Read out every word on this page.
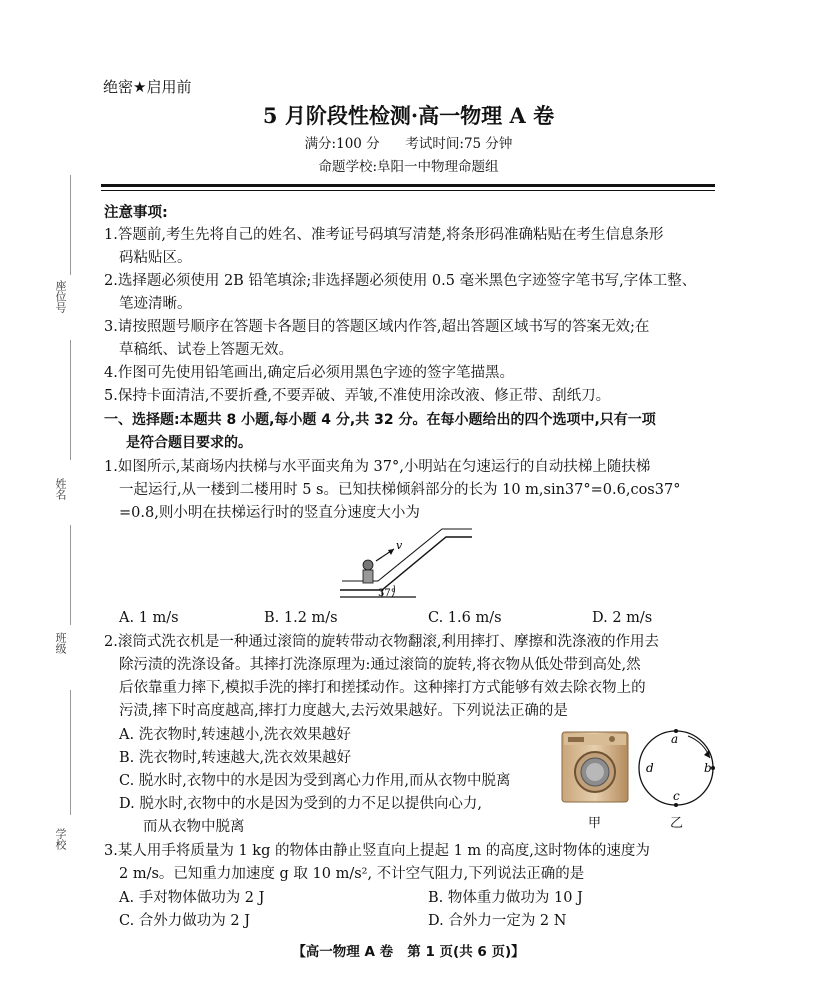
座位号
姓名
班级
学校
绝密★启用前
5 月阶段性检测·高一物理 A 卷
满分:100 分      考试时间:75 分钟
命题学校:阜阳一中物理命题组
注意事项:
1.答题前,考生先将自己的姓名、准考证号码填写清楚,将条形码准确粘贴在考生信息条形
码粘贴区。
2.选择题必须使用 2B 铅笔填涂;非选择题必须使用 0.5 毫米黑色字迹签字笔书写,字体工整、
笔迹清晰。
3.请按照题号顺序在答题卡各题目的答题区域内作答,超出答题区域书写的答案无效;在
草稿纸、试卷上答题无效。
4.作图可先使用铅笔画出,确定后必须用黑色字迹的签字笔描黑。
5.保持卡面清洁,不要折叠,不要弄破、弄皱,不准使用涂改液、修正带、刮纸刀。
一、选择题:本题共 8 小题,每小题 4 分,共 32 分。在每小题给出的四个选项中,只有一项
是符合题目要求的。
1.如图所示,某商场内扶梯与水平面夹角为 37°,小明站在匀速运行的自动扶梯上随扶梯
一起运行,从一楼到二楼用时 5 s。已知扶梯倾斜部分的长为 10 m,sin37°=0.6,cos37°
=0.8,则小明在扶梯运行时的竖直分速度大小为
v
37°
A. 1 m/s	B. 1.2 m/s	C. 1.6 m/s	D. 2 m/s
2.滚筒式洗衣机是一种通过滚筒的旋转带动衣物翻滚,利用摔打、摩擦和洗涤液的作用去
除污渍的洗涤设备。其摔打洗涤原理为:通过滚筒的旋转,将衣物从低处带到高处,然
后依靠重力摔下,模拟手洗的摔打和搓揉动作。这种摔打方式能够有效去除衣物上的
污渍,摔下时高度越高,摔打力度越大,去污效果越好。下列说法正确的是
A. 洗衣物时,转速越小,洗衣效果越好
B. 洗衣物时,转速越大,洗衣效果越好
C. 脱水时,衣物中的水是因为受到离心力作用,而从衣物中脱离
D. 脱水时,衣物中的水是因为受到的力不足以提供向心力,
而从衣物中脱离	甲
a
b
c
d
乙
3.某人用手将质量为 1 kg 的物体由静止竖直向上提起 1 m 的高度,这时物体的速度为
2 m/s。已知重力加速度 g 取 10 m/s², 不计空气阻力,下列说法正确的是
A. 手对物体做功为 2 J	B. 物体重力做功为 10 J
C. 合外力做功为 2 J	D. 合外力一定为 2 N
【高一物理 A 卷   第 1 页(共 6 页)】
